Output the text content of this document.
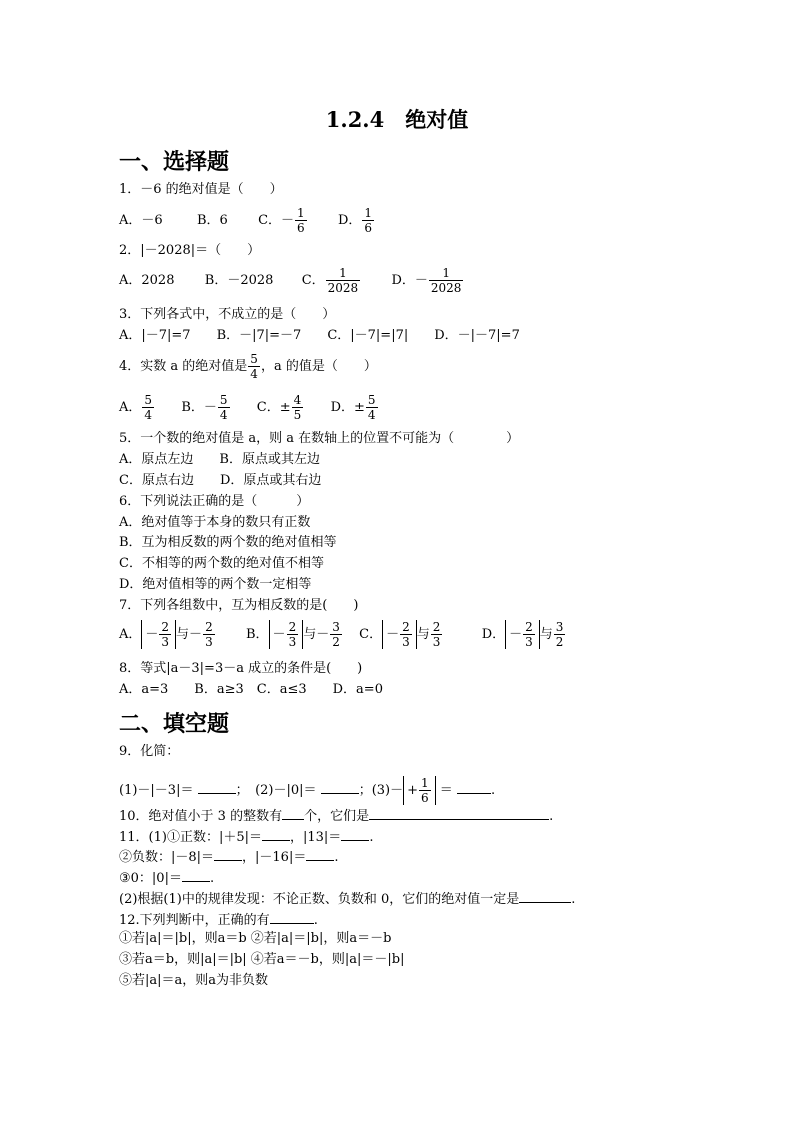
1.2.4　绝对值
一、选择题
1．－6 的绝对值是（　　）
A．－6	B．6 C．－ $\frac{1}{6}$ D． $\frac{1}{6}$
2．|－2028|＝（　　）
A．2028 B．－2028 C． $\frac{1}{2028}$ D．－ $\frac{1}{2028}$
3．下列各式中，不成立的是（　　）
A．|－7|=7　　B．－|7|=－7　　C．|－7|=|7|　　D．－|－7|=7
4．实数 a 的绝对值是 $\frac{5}{4}$ ，a 的值是（　　）
A． $\frac{5}{4}$ B．－ $\frac{5}{4}$ C．± $\frac{4}{5}$ D．± $\frac{5}{4}$
5．一个数的绝对值是 a，则 a 在数轴上的位置不可能为（　　　　）
A．原点左边　　B．原点或其左边
C．原点右边　　D．原点或其右边
6．下列说法正确的是（　　　）
A．绝对值等于本身的数只有正数
B．互为相反数的两个数的绝对值相等
C．不相等的两个数的绝对值不相等
D．绝对值相等的两个数一定相等
7．下列各组数中，互为相反数的是(　　)
A． － $\frac{2}{3}$ 与－ $\frac{2}{3}$ B． － $\frac{2}{3}$ 与－ $\frac{3}{2}$ C． － $\frac{2}{3}$ 与 $\frac{2}{3}$	D． － $\frac{2}{3}$ 与 $\frac{3}{2}$
8．等式|a－3|=3－a 成立的条件是(　　)
A．a=3　　B．a≥3　C．a≤3　　D．a=0
二、填空题
9．化简：
(1)－|－3|＝	；　(2)－|0|＝	；$(3)- + \frac{1}{6}$ ＝	.
10．绝对值小于 3 的整数有 个，它们是	.
11．(1)①正数：|＋5|＝ ，|13|＝ .
②负数：|－8|＝ ，|－16|＝ .
③0：|0|＝ .
(2)根据(1)中的规律发现：不论正数、负数和 0，它们的绝对值一定是	.
12.下列判断中，正确的有	.
①若|a|＝|b|，则a＝b ②若|a|＝|b|，则a＝－b
③若a＝b，则|a|＝|b| ④若a＝－b，则|a|＝－|b|
⑤若|a|＝a，则a为非负数
